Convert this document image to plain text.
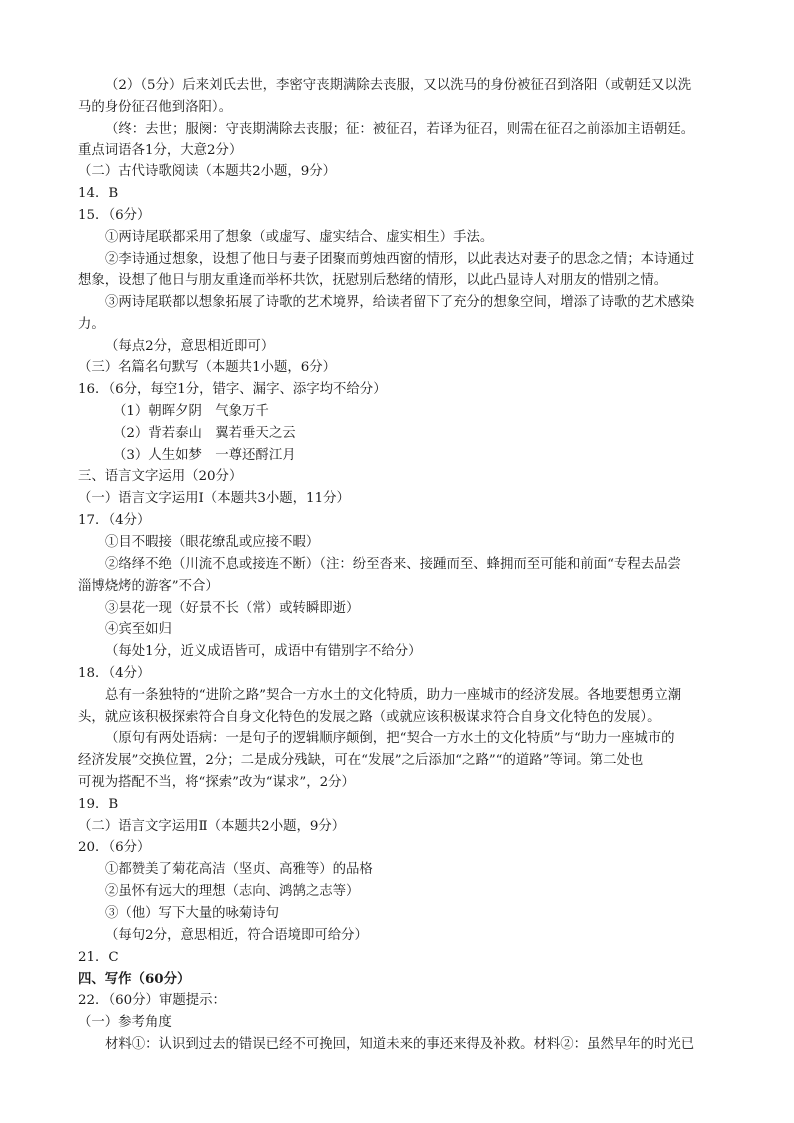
（2）（5分）后来刘氏去世，李密守丧期满除去丧服，又以洗马的身份被征召到洛阳（或朝廷又以洗
马的身份征召他到洛阳）。
（终：去世；服阕：守丧期满除去丧服；征：被征召，若译为征召，则需在征召之前添加主语朝廷。
重点词语各1分，大意2分）
（二）古代诗歌阅读（本题共2小题，9分）
14．B
15．（6分）
①两诗尾联都采用了想象（或虚写、虚实结合、虚实相生）手法。
②李诗通过想象，设想了他日与妻子团聚而剪烛西窗的情形，以此表达对妻子的思念之情；本诗通过
想象，设想了他日与朋友重逢而举杯共饮，抚慰别后愁绪的情形，以此凸显诗人对朋友的惜别之情。
③两诗尾联都以想象拓展了诗歌的艺术境界，给读者留下了充分的想象空间，增添了诗歌的艺术感染
力。
（每点2分，意思相近即可）
（三）名篇名句默写（本题共1小题，6分）
16．（6分，每空1分，错字、漏字、添字均不给分）
（1）朝晖夕阴　气象万千
（2）背若泰山　翼若垂天之云
（3）人生如梦　一尊还酹江月
三、语言文字运用（20分）
（一）语言文字运用Ⅰ（本题共3小题，11分）
17．（4分）
①目不暇接（眼花缭乱或应接不暇）
②络绎不绝（川流不息或接连不断）（注：纷至沓来、接踵而至、蜂拥而至可能和前面“专程去品尝
淄博烧烤的游客”不合）
③昙花一现（好景不长（常）或转瞬即逝）
④宾至如归
（每处1分，近义成语皆可，成语中有错别字不给分）
18．（4分）
总有一条独特的“进阶之路”契合一方水土的文化特质，助力一座城市的经济发展。各地要想勇立潮
头，就应该积极探索符合自身文化特色的发展之路（或就应该积极谋求符合自身文化特色的发展）。
（原句有两处语病：一是句子的逻辑顺序颠倒，把“契合一方水土的文化特质”与“助力一座城市的
经济发展”交换位置，2分；二是成分残缺，可在“发展”之后添加“之路”“的道路”等词。第二处也
可视为搭配不当，将“探索”改为“谋求”，2分）
19．B
（二）语言文字运用Ⅱ（本题共2小题，9分）
20．（6分）
①都赞美了菊花高洁（坚贞、高雅等）的品格
②虽怀有远大的理想（志向、鸿鹄之志等）
③（他）写下大量的咏菊诗句
（每句2分，意思相近，符合语境即可给分）
21．C
四、写作（60分）
22．（60分）审题提示：
（一）参考角度
材料①：认识到过去的错误已经不可挽回，知道未来的事还来得及补救。材料②：虽然早年的时光已
